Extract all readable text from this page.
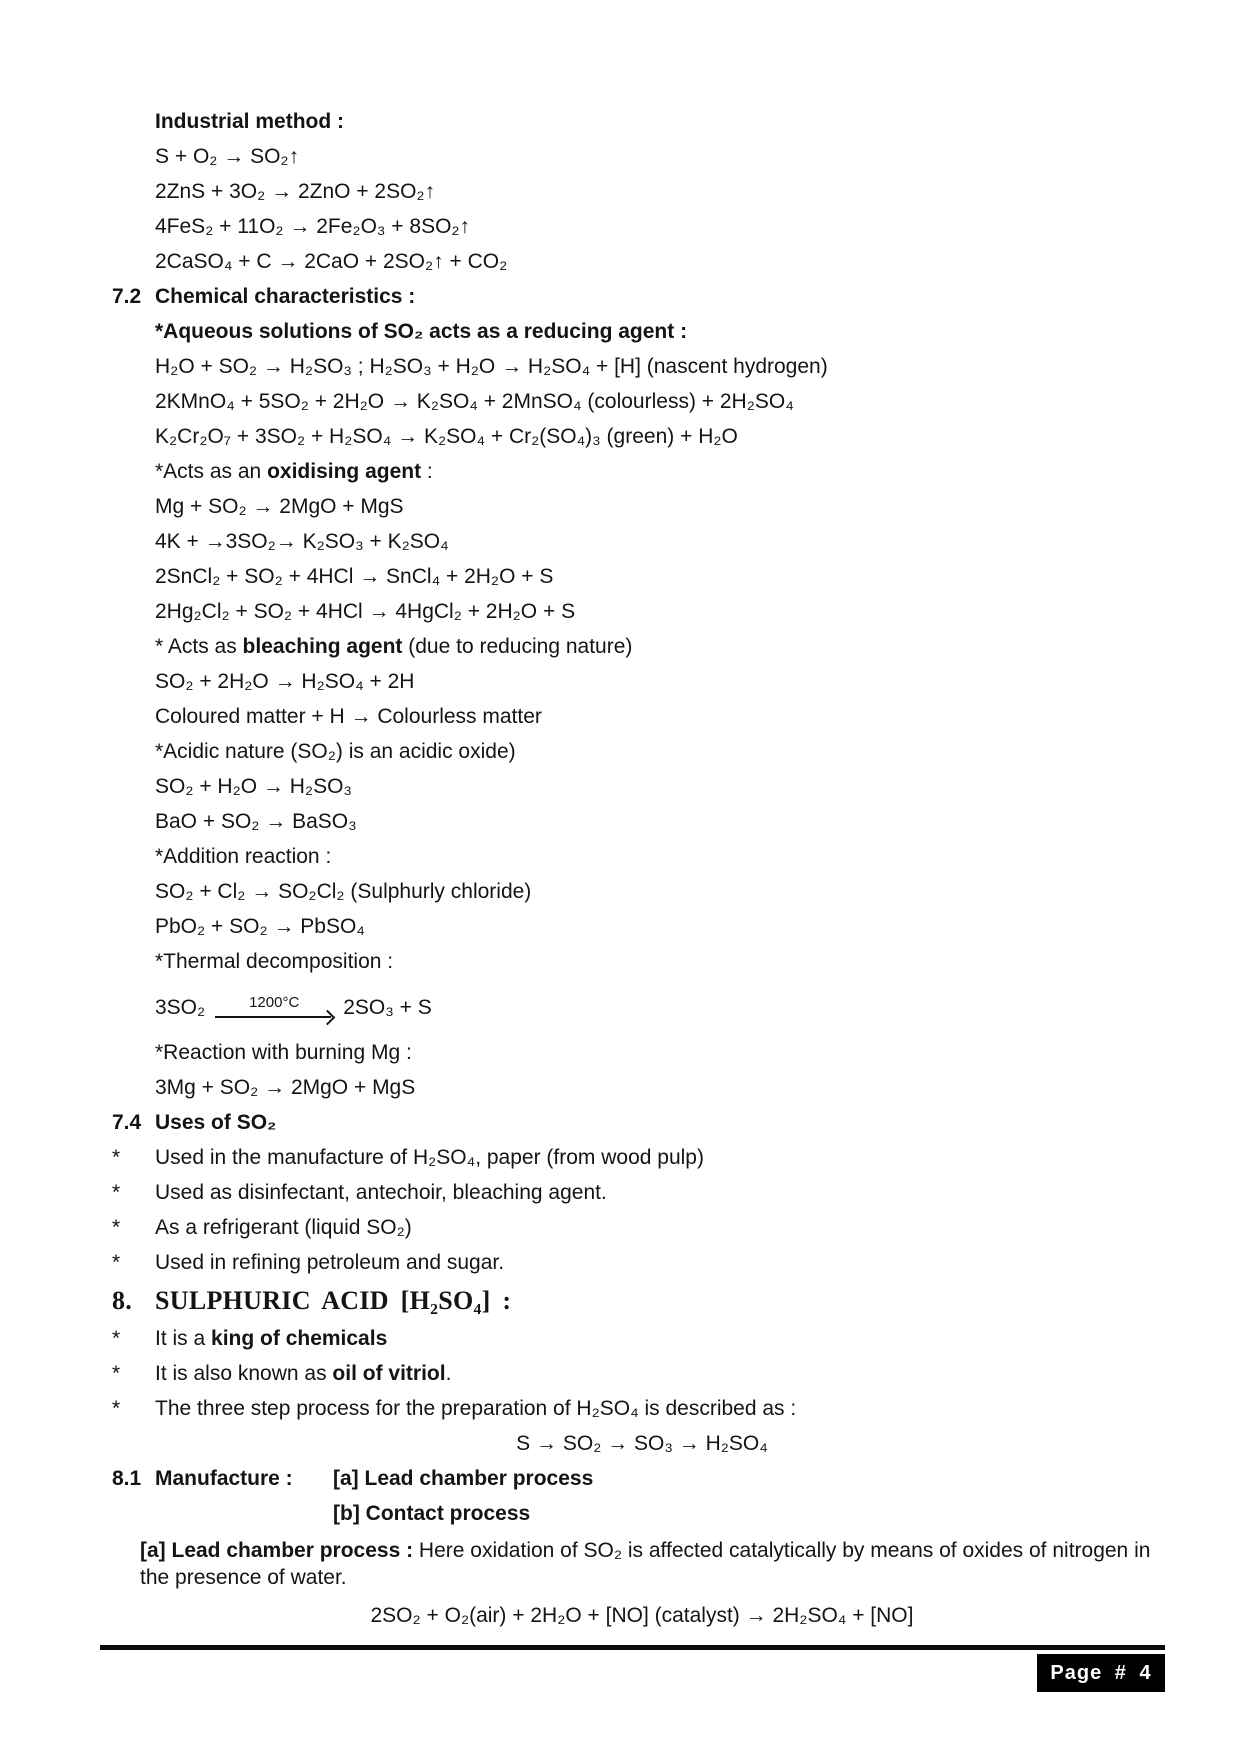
Industrial method :
S + O₂ → SO₂↑
2ZnS + 3O₂ → 2ZnO + 2SO₂↑
4FeS₂ + 11O₂ → 2Fe₂O₃ + 8SO₂↑
2CaSO₄ + C → 2CaO + 2SO₂↑ + CO₂
7.2 Chemical characteristics :
*Aqueous solutions of SO₂ acts as a reducing agent :
H₂O + SO₂ → H₂SO₃ ; H₂SO₃ + H₂O → H₂SO₄ + [H] (nascent hydrogen)
2KMnO₄ + 5SO₂ + 2H₂O → K₂SO₄ + 2MnSO₄ (colourless) + 2H₂SO₄
K₂Cr₂O₇ + 3SO₂ + H₂SO₄ → K₂SO₄ + Cr₂(SO₄)₃ (green) + H₂O
*Acts as an oxidising agent :
Mg + SO₂ → 2MgO + MgS
4K + →3SO₂→ K₂SO₃ + K₂SO₄
2SnCl₂ + SO₂ + 4HCl → SnCl₄ + 2H₂O + S
2Hg₂Cl₂ + SO₂ + 4HCl → 4HgCl₂ + 2H₂O + S
* Acts as bleaching agent (due to reducing nature)
SO₂ + 2H₂O → H₂SO₄ + 2H
Coloured matter + H → Colourless matter
*Acidic nature (SO₂) is an acidic oxide)
SO₂ + H₂O → H₂SO₃
BaO + SO₂ → BaSO₃
*Addition reaction :
SO₂ + Cl₂ → SO₂Cl₂ (Sulphurly chloride)
PbO₂ + SO₂ → PbSO₄
*Thermal decomposition :
3SO₂	1200°C 2SO₃ + S
*Reaction with burning Mg :
3Mg + SO₂ → 2MgO + MgS
7.4 Uses of SO₂
*	Used in the manufacture of H₂SO₄, paper (from wood pulp)
*	Used as disinfectant, antechoir, bleaching agent.
*	As a refrigerant (liquid SO₂)
*	Used in refining petroleum and sugar.
8. SULPHURIC ACID [H₂SO₄] :
*	It is a king of chemicals
*	It is also known as oil of vitriol.
*	The three step process for the preparation of H₂SO₄ is described as :
S → SO₂ → SO₃ → H₂SO₄
8.1 Manufacture :	[a] Lead chamber process
[b] Contact process
[a] Lead chamber process : Here oxidation of SO₂ is affected catalytically by means of oxides of nitrogen in the presence of water.
2SO₂ + O₂(air) + 2H₂O + [NO] (catalyst) → 2H₂SO₄ + [NO]
Page # 4
